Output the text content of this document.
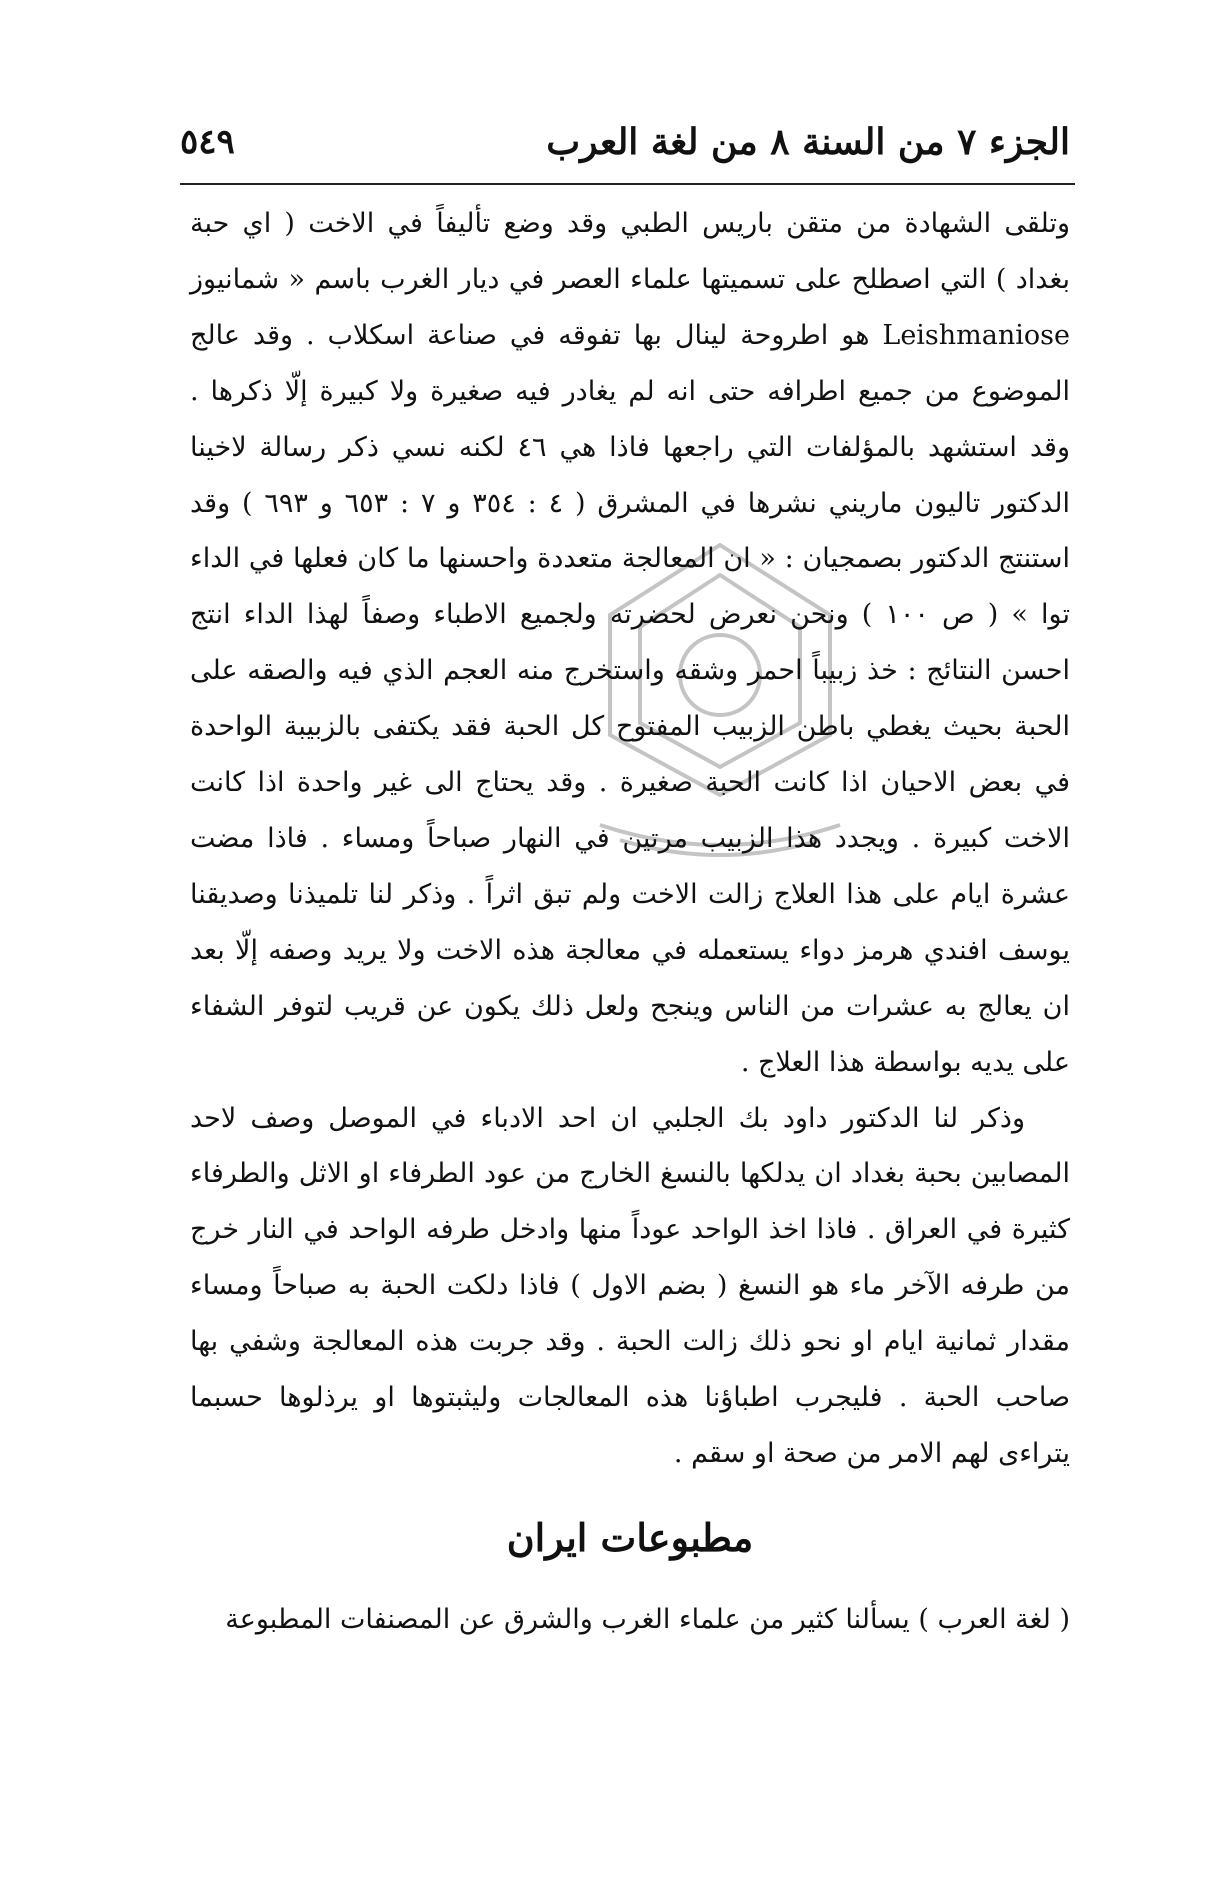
الجزء ٧ من السنة ٨ من لغة العرب
٥٤٩

وتلقى الشهادة من متقن باريس الطبي وقد وضع تأليفاً في الاخت ( اي حبة بغداد ) التي اصطلح على تسميتها علماء العصر في ديار الغرب باسم « شمانيوز Leishmaniose هو اطروحة لينال بها تفوقه في صناعة اسكلاب . وقد عالج الموضوع من جميع اطرافه حتى انه لم يغادر فيه صغيرة ولا كبيرة إلّا ذكرها . وقد استشهد بالمؤلفات التي راجعها فاذا هي ٤٦ لكنه نسي ذكر رسالة لاخينا الدكتور تاليون ماريني نشرها في المشرق ( ٤ : ٣٥٤ و ٧ : ٦٥٣ و ٦٩٣ ) وقد استنتج الدكتور بصمجيان : « ان المعالجة متعددة واحسنها ما كان فعلها في الداء توا » ( ص ١٠٠ ) ونحن نعرض لحضرته ولجميع الاطباء وصفاً لهذا الداء انتج احسن النتائج : خذ زبيباً احمر وشقه واستخرج منه العجم الذي فيه والصقه على الحبة بحيث يغطي باطن الزبيب المفتوح كل الحبة فقد يكتفى بالزبيبة الواحدة في بعض الاحيان اذا كانت الحبة صغيرة . وقد يحتاج الى غير واحدة اذا كانت الاخت كبيرة . ويجدد هذا الزبيب مرتين في النهار صباحاً ومساء . فاذا مضت عشرة ايام على هذا العلاج زالت الاخت ولم تبق اثراً . وذكر لنا تلميذنا وصديقنا يوسف افندي هرمز دواء يستعمله في معالجة هذه الاخت ولا يريد وصفه إلّا بعد ان يعالج به عشرات من الناس وينجح ولعل ذلك يكون عن قريب لتوفر الشفاء على يديه بواسطة هذا العلاج .

وذكر لنا الدكتور داود بك الجلبي ان احد الادباء في الموصل وصف لاحد المصابين بحبة بغداد ان يدلكها بالنسغ الخارج من عود الطرفاء او الاثل والطرفاء كثيرة في العراق . فاذا اخذ الواحد عوداً منها وادخل طرفه الواحد في النار خرج من طرفه الآخر ماء هو النسغ ( بضم الاول ) فاذا دلكت الحبة به صباحاً ومساء مقدار ثمانية ايام او نحو ذلك زالت الحبة . وقد جربت هذه المعالجة وشفي بها صاحب الحبة . فليجرب اطباؤنا هذه المعالجات وليثبتوها او يرذلوها حسبما يتراءى لهم الامر من صحة او سقم .

مطبوعات ايران

( لغة العرب ) يسألنا كثير من علماء الغرب والشرق عن المصنفات المطبوعة
